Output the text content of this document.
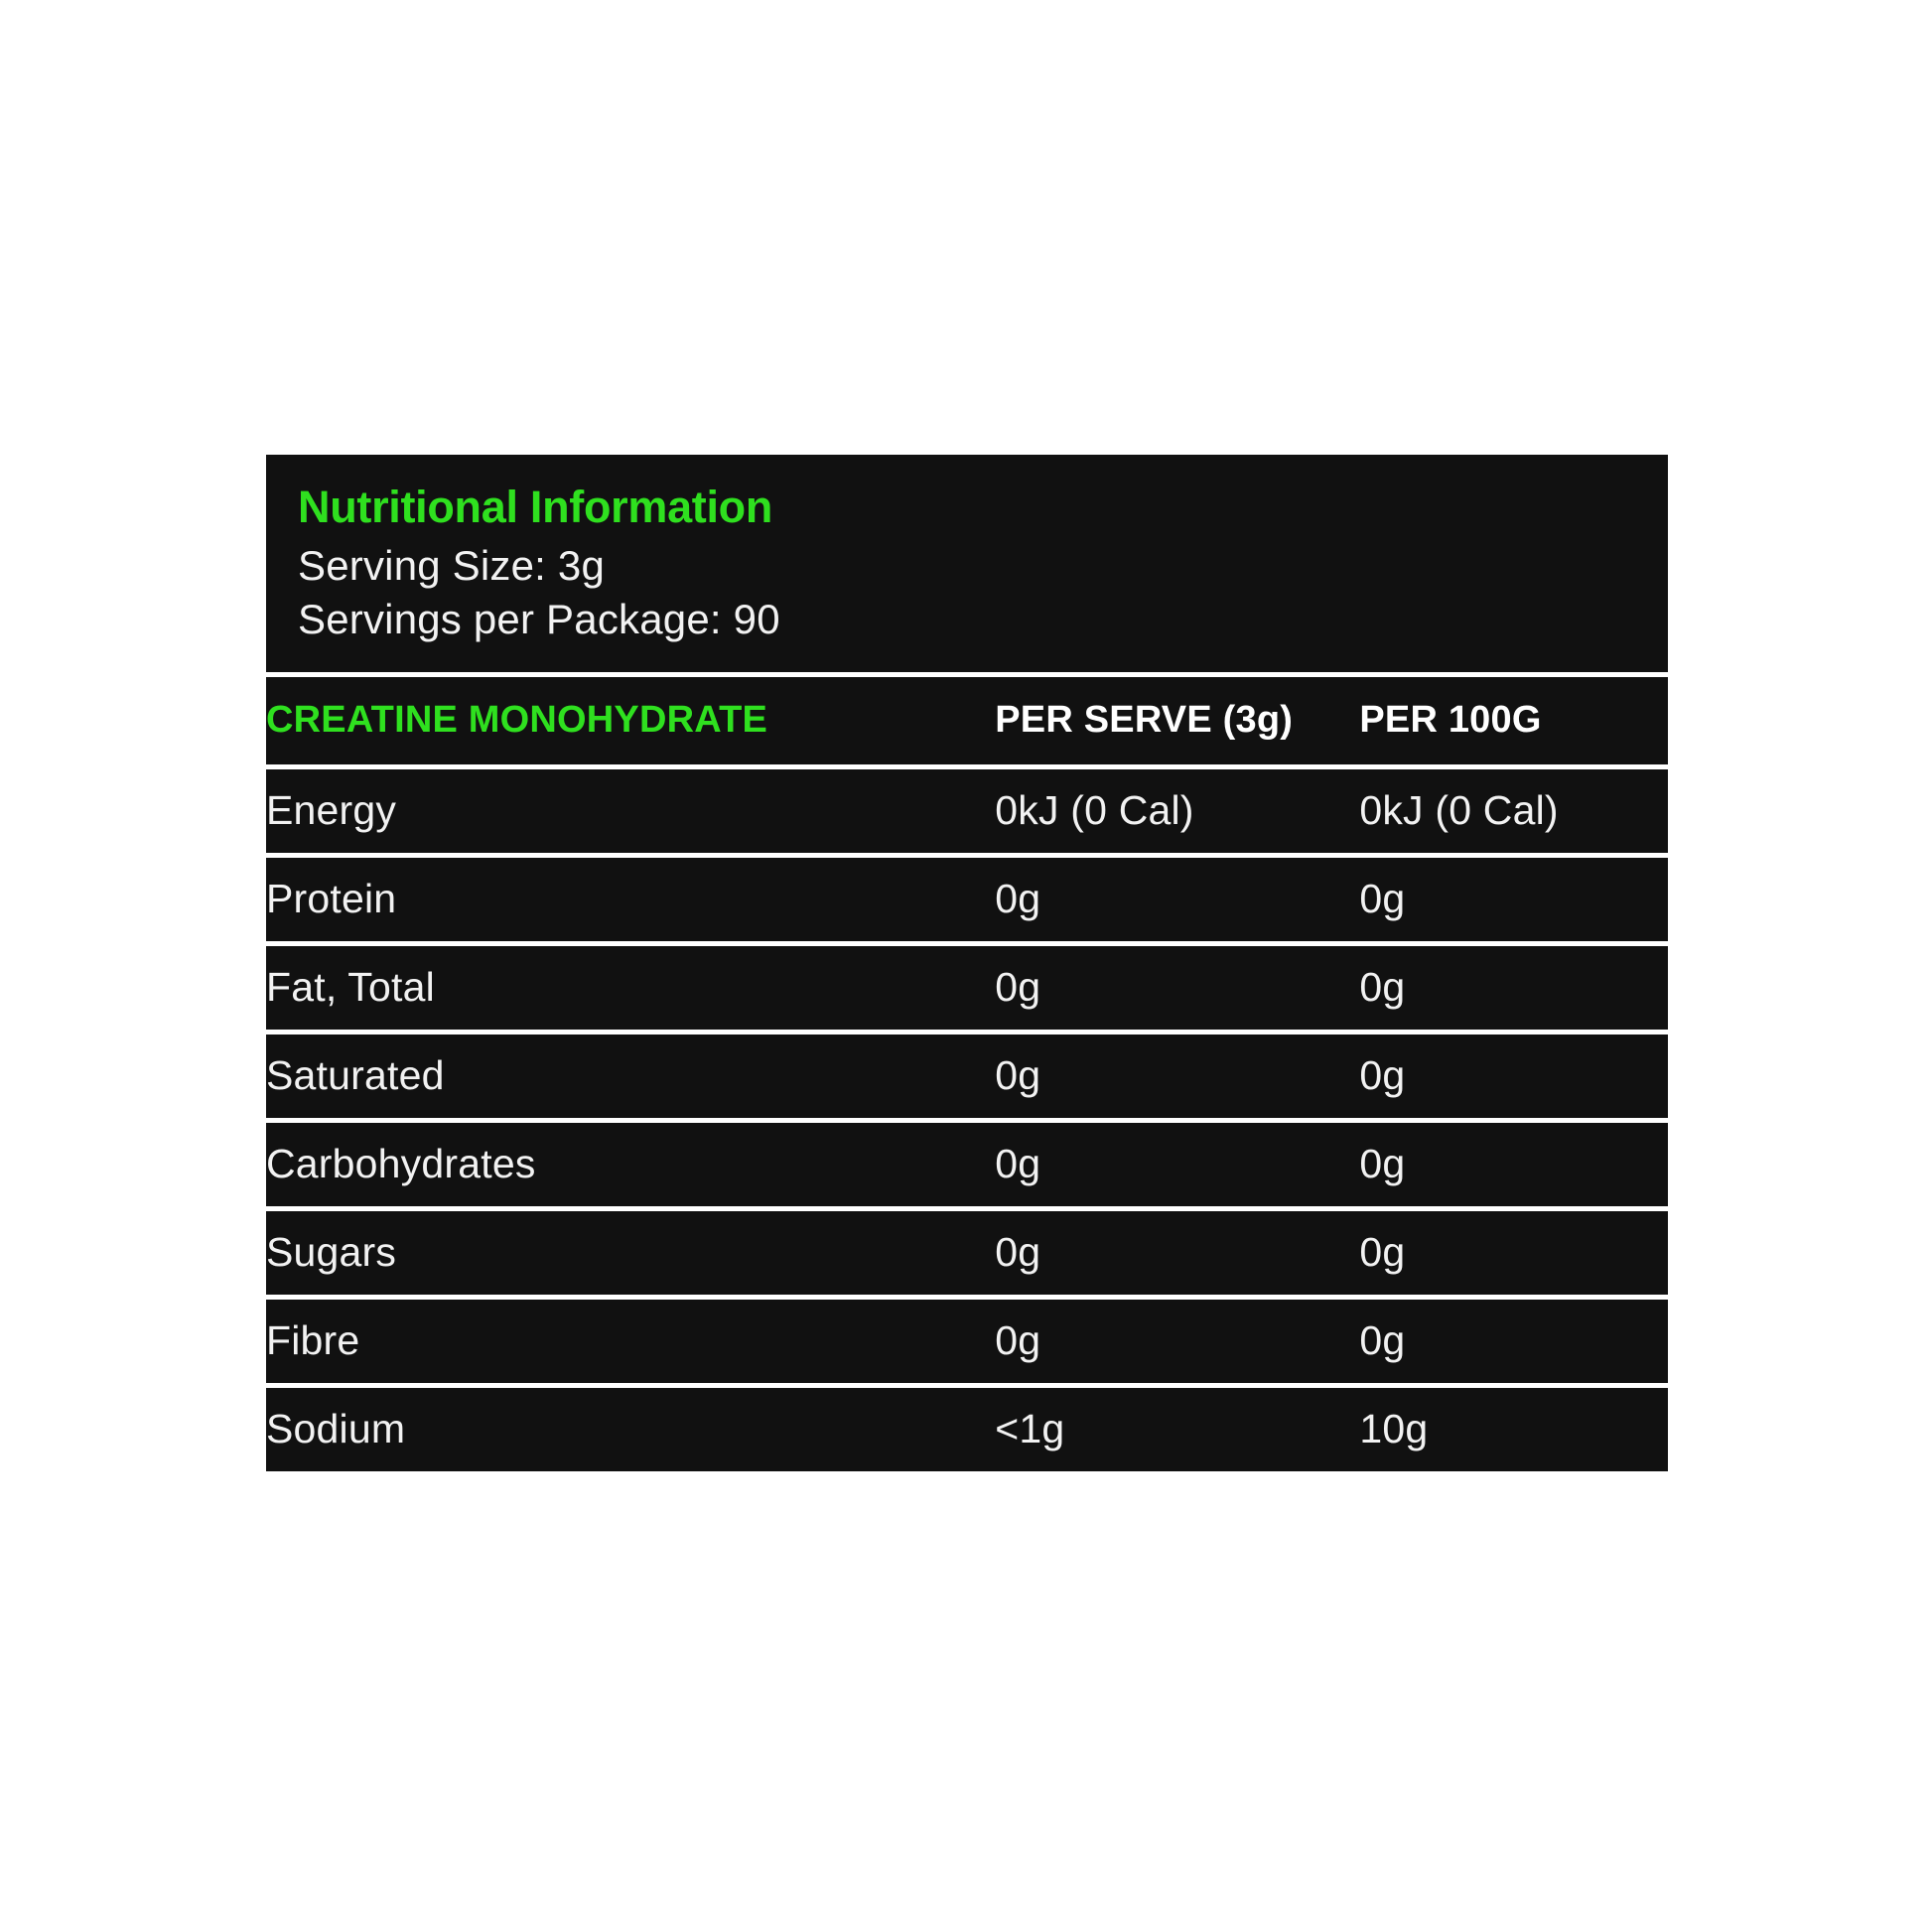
Nutritional Information
Serving Size: 3g
Servings per Package: 90
CREATINE MONOHYDRATE	PER SERVE (3g)	PER 100G
Energy	0kJ (0 Cal)	0kJ (0 Cal)
Protein	0g	0g
Fat, Total	0g	0g
Saturated	0g	0g
Carbohydrates	0g	0g
Sugars	0g	0g
Fibre	0g	0g
Sodium	<1g	10g
